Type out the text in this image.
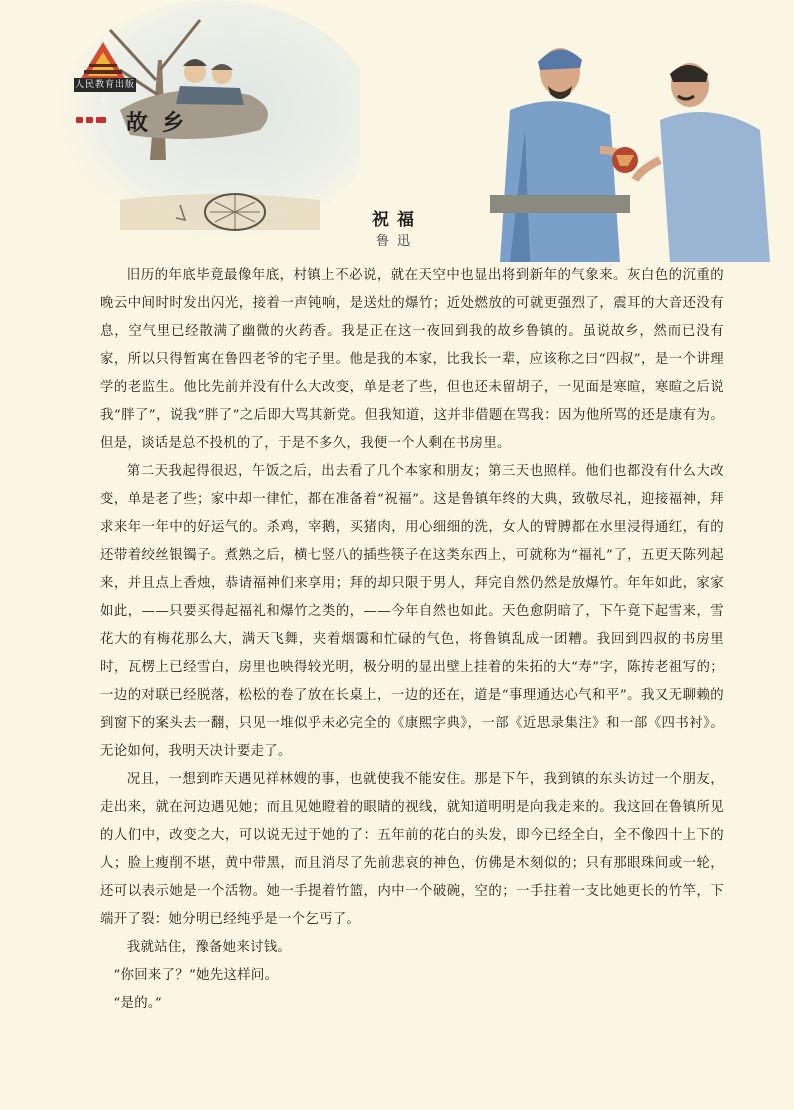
人民教育出版社
故乡
祝福
鲁迅

旧历的年底毕竟最像年底，村镇上不必说，就在天空中也显出将到新年的气象来。灰白色的沉重的晚云中间时时发出闪光，接着一声钝响，是送灶的爆竹；近处燃放的可就更强烈了，震耳的大音还没有息，空气里已经散满了幽微的火药香。我是正在这一夜回到我的故乡鲁镇的。虽说故乡，然而已没有家，所以只得暂寓在鲁四老爷的宅子里。他是我的本家，比我长一辈，应该称之曰“四叔”，是一个讲理学的老监生。他比先前并没有什么大改变，单是老了些，但也还未留胡子，一见面是寒暄，寒暄之后说我“胖了”，说我“胖了”之后即大骂其新党。但我知道，这并非借题在骂我：因为他所骂的还是康有为。但是，谈话是总不投机的了，于是不多久，我便一个人剩在书房里。

第二天我起得很迟，午饭之后，出去看了几个本家和朋友；第三天也照样。他们也都没有什么大改变，单是老了些；家中却一律忙，都在准备着“祝福”。这是鲁镇年终的大典，致敬尽礼，迎接福神，拜求来年一年中的好运气的。杀鸡，宰鹅，买猪肉，用心细细的洗，女人的臂膊都在水里浸得通红，有的还带着绞丝银镯子。煮熟之后，横七竖八的插些筷子在这类东西上，可就称为“福礼”了，五更天陈列起来，并且点上香烛，恭请福神们来享用；拜的却只限于男人，拜完自然仍然是放爆竹。年年如此，家家如此，——只要买得起福礼和爆竹之类的，——今年自然也如此。天色愈阴暗了，下午竟下起雪来，雪花大的有梅花那么大，满天飞舞，夹着烟霭和忙碌的气色，将鲁镇乱成一团糟。我回到四叔的书房里时，瓦楞上已经雪白，房里也映得较光明，极分明的显出壁上挂着的朱拓的大“寿”字，陈抟老祖写的；一边的对联已经脱落，松松的卷了放在长桌上，一边的还在，道是“事理通达心气和平”。我又无聊赖的到窗下的案头去一翻，只见一堆似乎未必完全的《康熙字典》，一部《近思录集注》和一部《四书衬》。无论如何，我明天决计要走了。

况且，一想到昨天遇见祥林嫂的事，也就使我不能安住。那是下午，我到镇的东头访过一个朋友，走出来，就在河边遇见她；而且见她瞪着的眼睛的视线，就知道明明是向我走来的。我这回在鲁镇所见的人们中，改变之大，可以说无过于她的了：五年前的花白的头发，即今已经全白，全不像四十上下的人；脸上瘦削不堪，黄中带黑，而且消尽了先前悲哀的神色，仿佛是木刻似的；只有那眼珠间或一轮，还可以表示她是一个活物。她一手提着竹篮，内中一个破碗，空的；一手拄着一支比她更长的竹竿，下端开了裂：她分明已经纯乎是一个乞丐了。

我就站住，豫备她来讨钱。

“你回来了？”她先这样问。

“是的。”
